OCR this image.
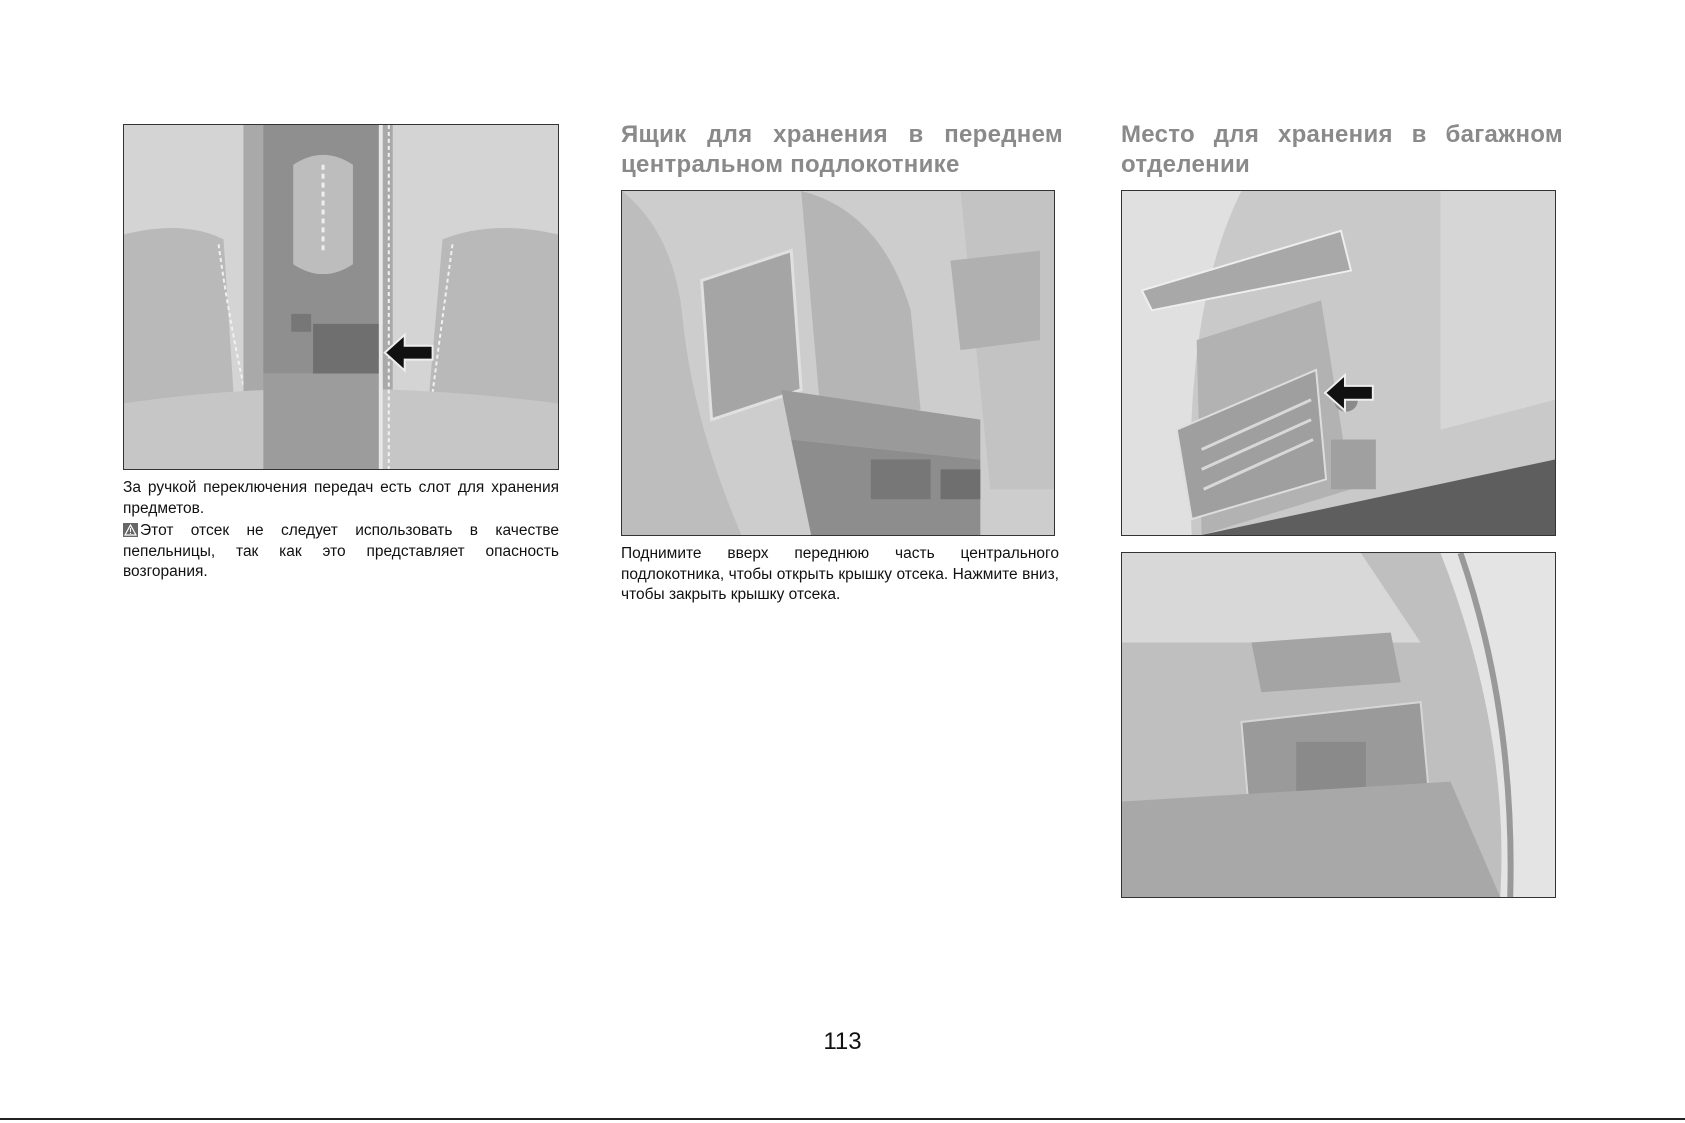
За ручкой переключения передач есть слот для хранения предметов.

Этот отсек не следует использовать в качестве пепельницы, так как это представляет опасность возгорания.

Ящик для хранения в переднем центральном подлокотнике

Поднимите вверх переднюю часть центрального подлокотника, чтобы открыть крышку отсека. Нажмите вниз, чтобы закрыть крышку отсека.

Место для хранения в багажном отделении
113
